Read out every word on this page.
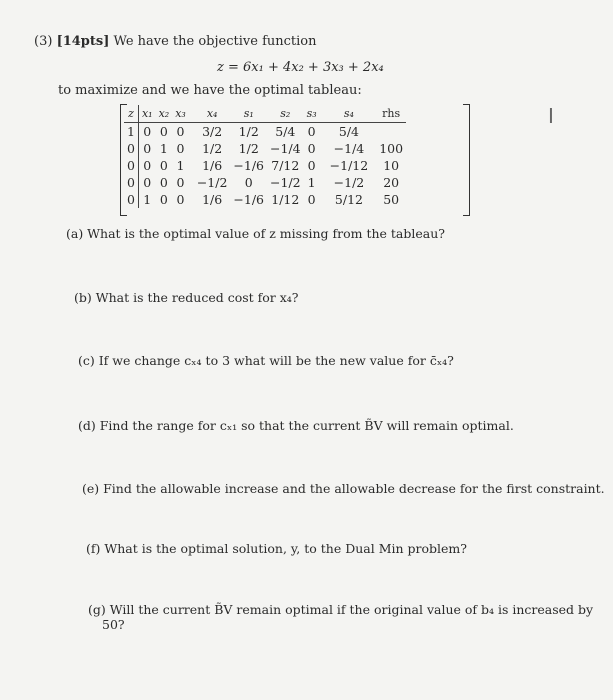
(3) [14pts] We have the objective function
z = 6x₁ + 4x₂ + 3x₃ + 2x₄
to maximize and we have the optimal tableau:
z	x₁	x₂	x₃	x₄	s₁	s₂	s₃	s₄	rhs
1	0	0	0	3/2	1/2	5/4	0	5/4	
0	0	1	0	1/2	1/2	−1/4	0	−1/4	100
0	0	0	1	1/6	−1/6	7/12	0	−1/12	10
0	0	0	0	−1/2	0	−1/2	1	−1/2	20
0	1	0	0	1/6	−1/6	1/12	0	5/12	50
I
(a) What is the optimal value of z missing from the tableau?
(b) What is the reduced cost for x₄?
(c) If we change cₓ₄ to 3 what will be the new value for c̄ₓ₄?
(d) Find the range for cₓ₁ so that the current B̃V will remain optimal.
(e) Find the allowable increase and the allowable decrease for the first constraint.
(f) What is the optimal solution, y, to the Dual Min problem?
(g) Will the current B̃V remain optimal if the original value of b₄ is increased by
50?
